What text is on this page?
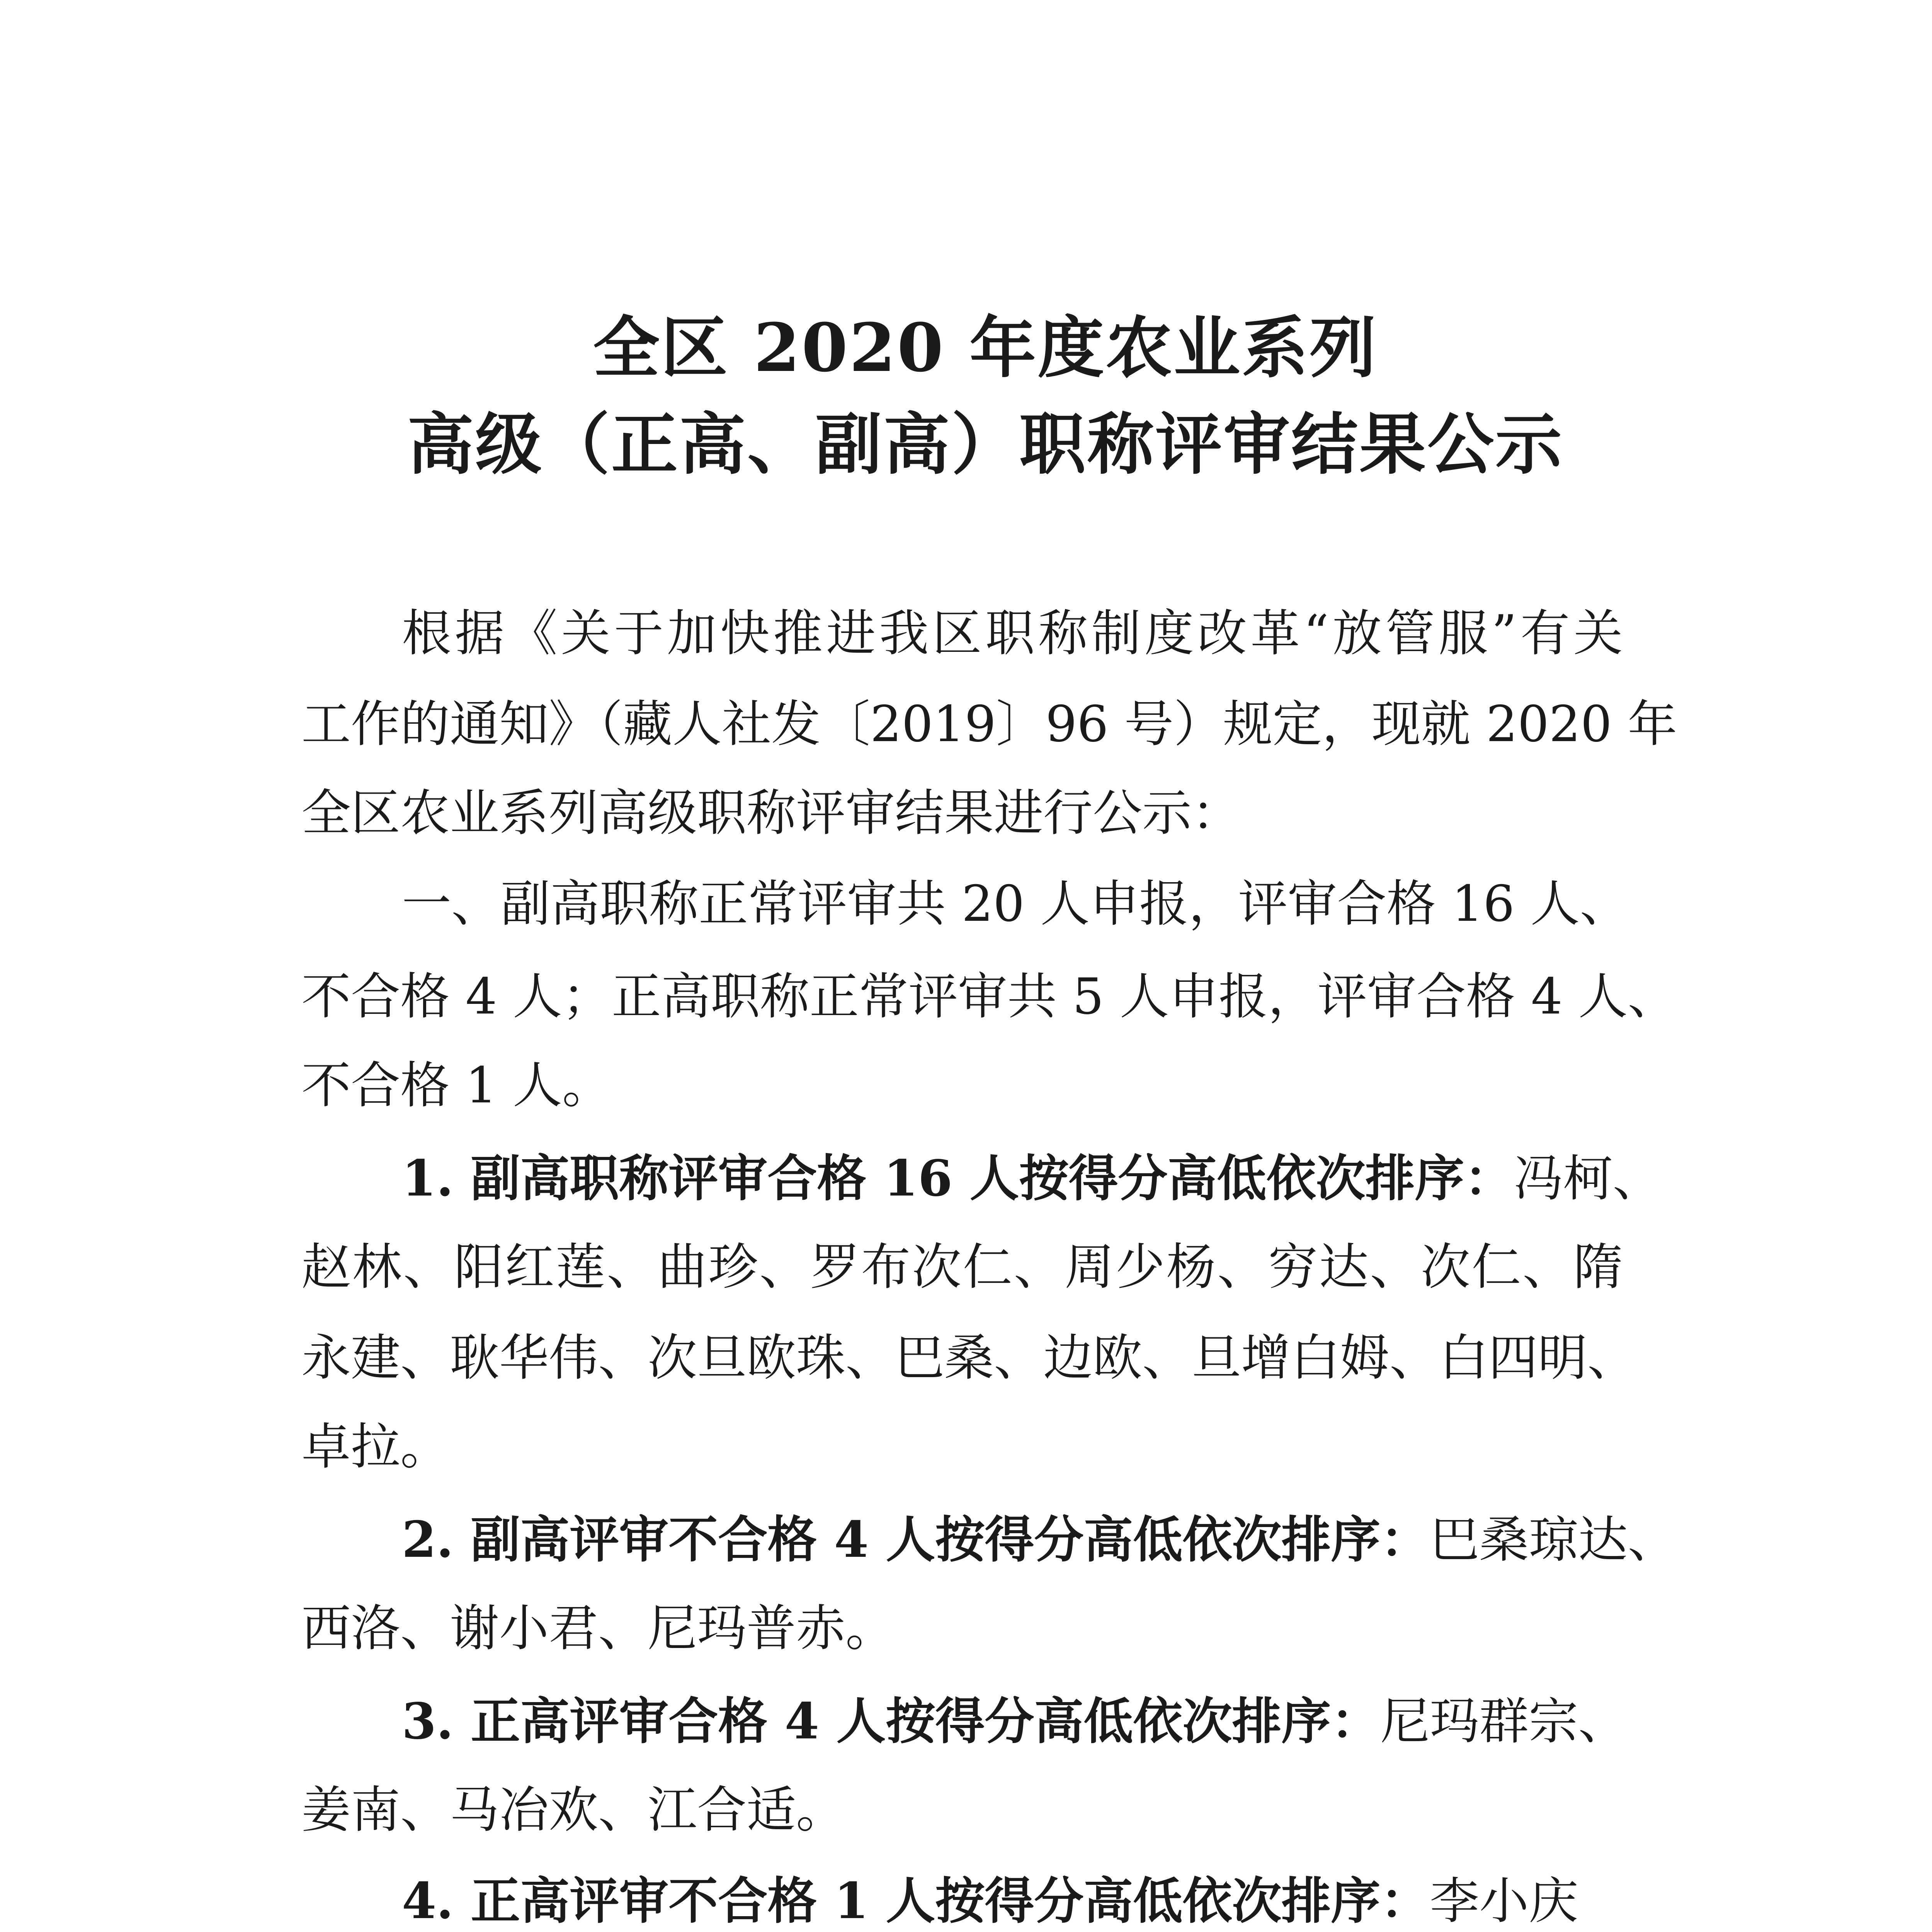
全区 2020 年度农业系列
高级（正高、副高）职称评审结果公示
根据《关于加快推进我区职称制度改革“放管服”有关
工作的通知》（藏人社发〔2019〕96 号）规定，现就 2020 年
全区农业系列高级职称评审结果进行公示：
一、副高职称正常评审共 20 人申报，评审合格 16 人、
不合格 4 人；正高职称正常评审共 5 人申报，评审合格 4 人、
不合格 1 人。
1. 副高职称评审合格 16 人按得分高低依次排序：冯柯、
赵林、阳红莲、曲珍、罗布次仁、周少杨、穷达、次仁、隋
永建、耿华伟、次旦欧珠、巴桑、边欧、旦增白姆、白四明、
卓拉。
2. 副高评审不合格 4 人按得分高低依次排序：巴桑琼达、
西洛、谢小君、尼玛普赤。
3. 正高评审合格 4 人按得分高低依次排序：尼玛群宗、
姜南、马冶欢、江合适。
4. 正高评审不合格 1 人按得分高低依次排序：李小庆
